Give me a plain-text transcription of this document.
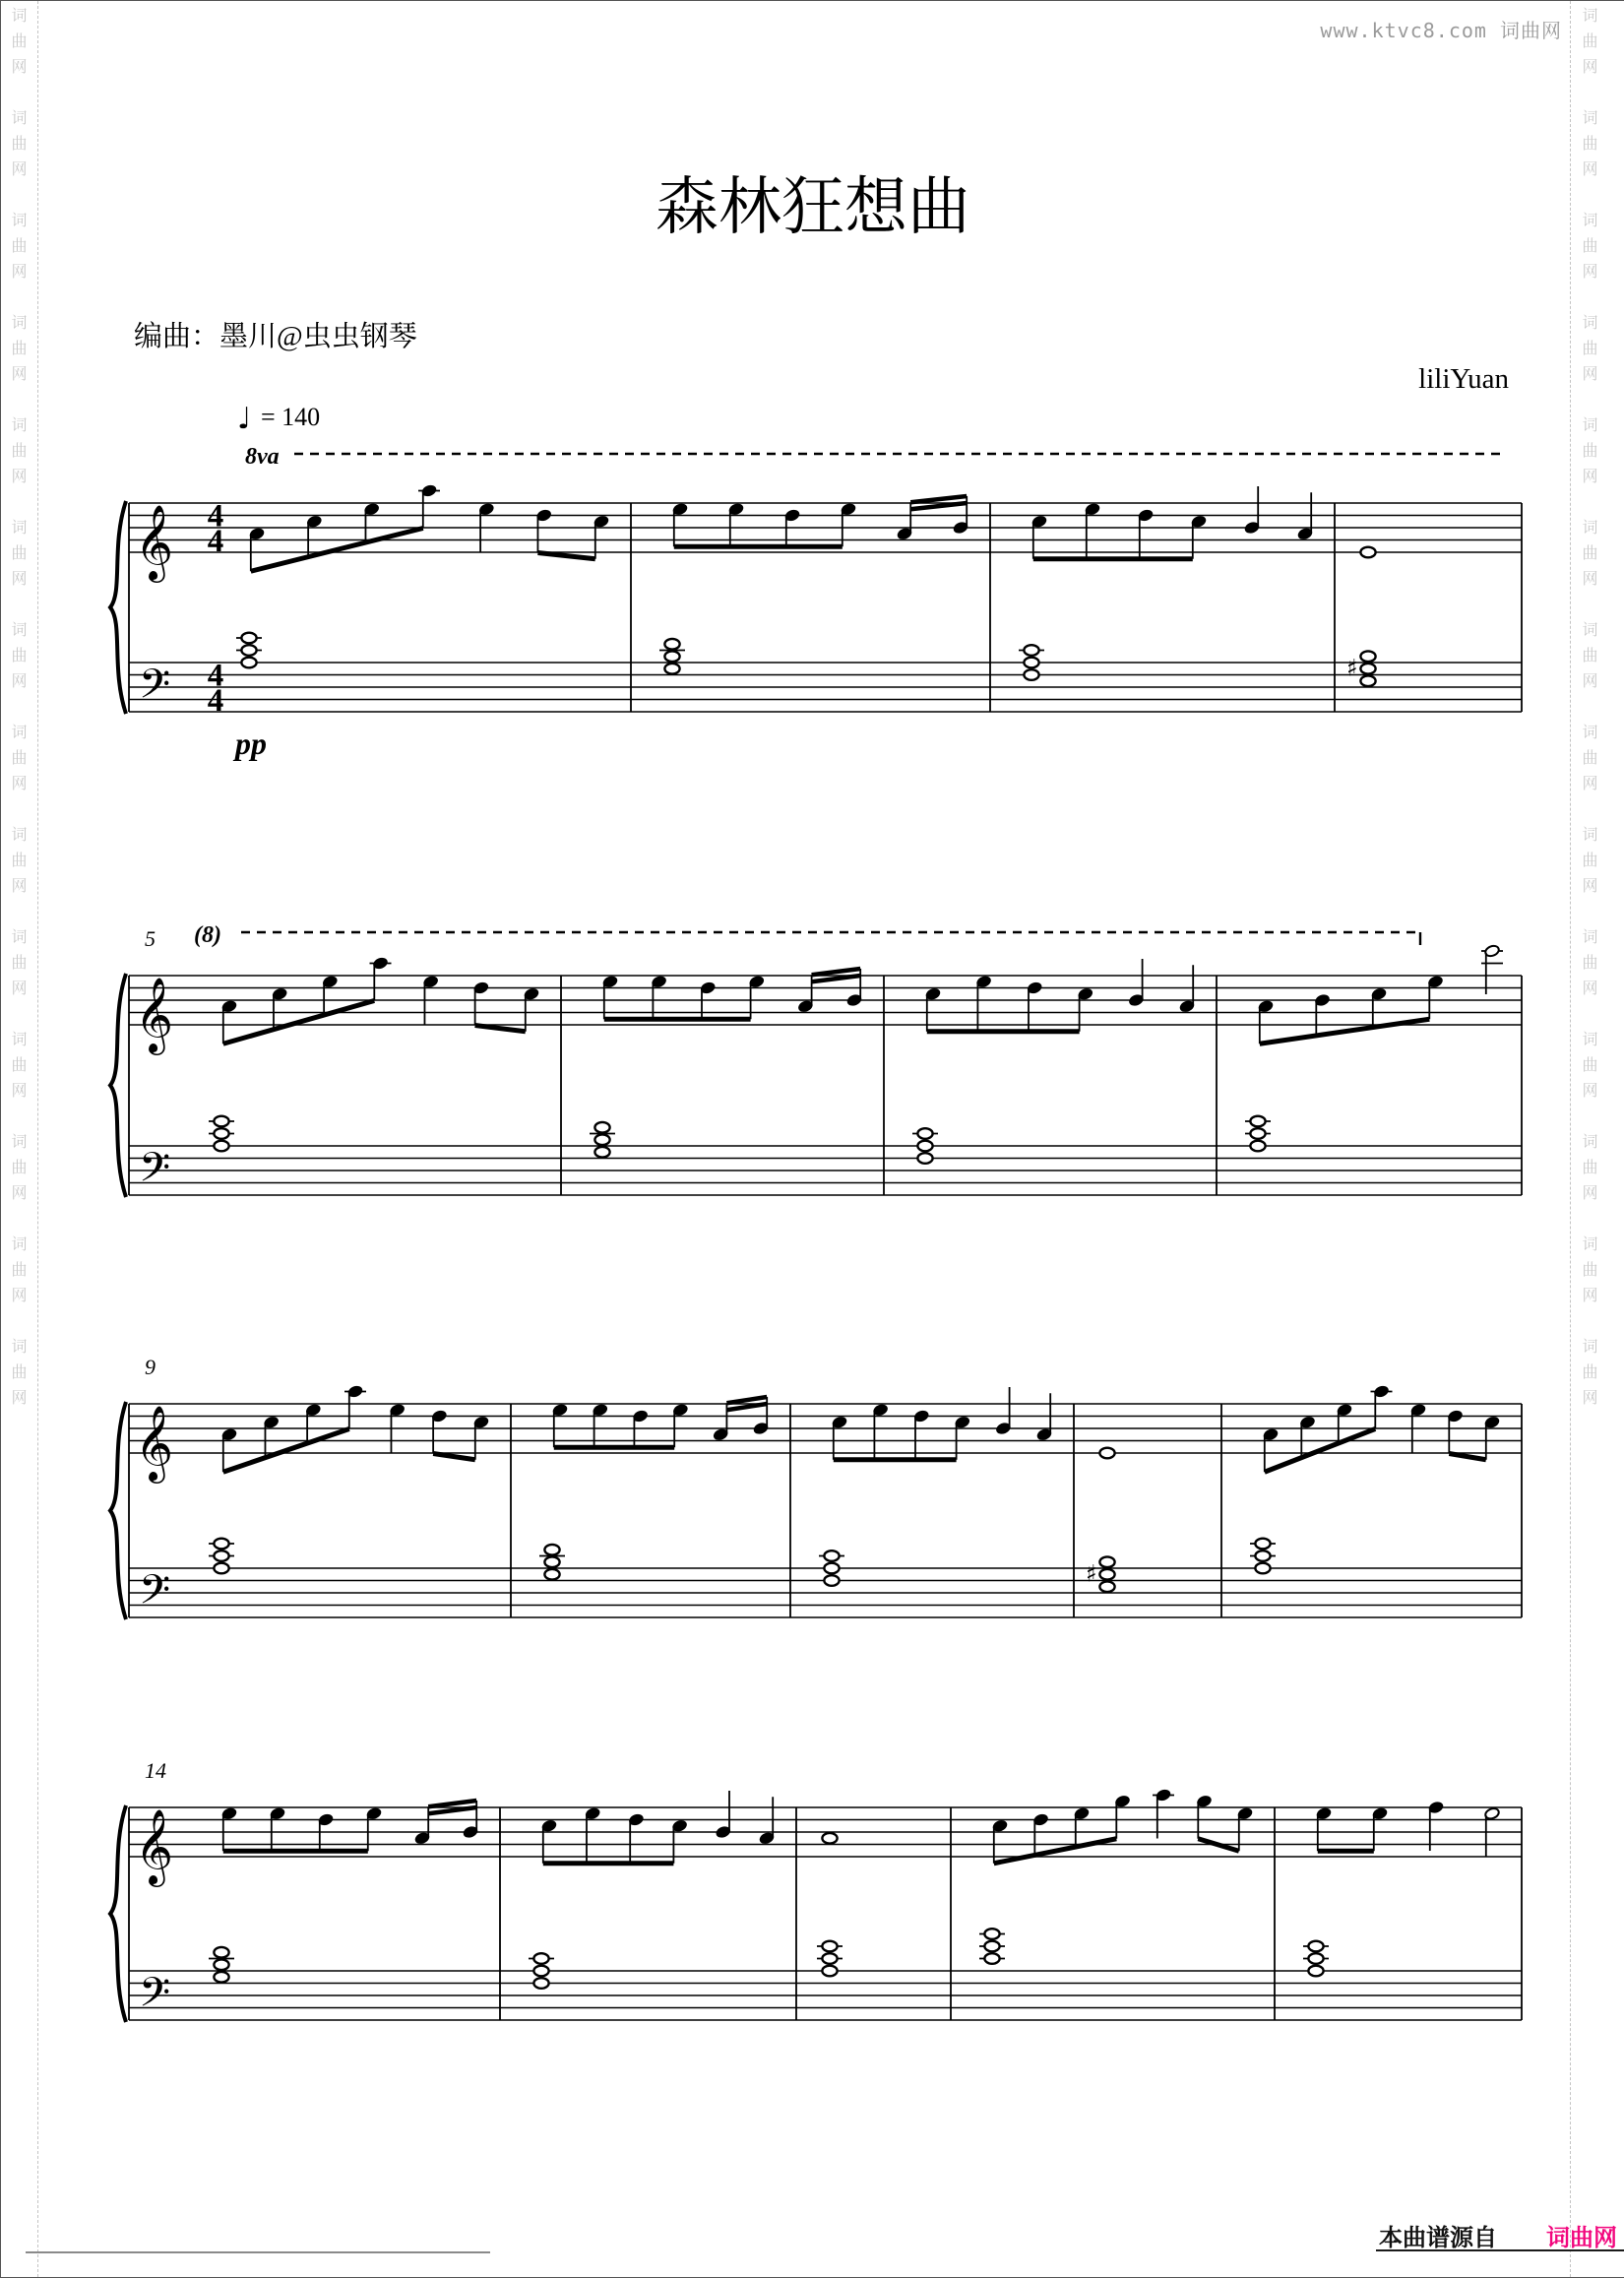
www.ktvc8.com 词曲网
词曲网　词曲网　词曲网　词曲网　词曲网　词曲网　词曲网　词曲网　词曲网　词曲网　词曲网　词曲网　词曲网　词曲网　	词曲网　词曲网　词曲网　词曲网　词曲网　词曲网　词曲网　词曲网　词曲网　词曲网　词曲网　词曲网　词曲网　词曲网　
森林狂想曲
编曲：墨川@虫虫钢琴
liliYuan
𝄞
𝄢
4
4
4
4
♯
𝄞
𝄢
5
𝄞
𝄢
9
♯
𝄞
𝄢
14
♩ = 140
8va
(8)
pp
本曲谱源自 词曲网
